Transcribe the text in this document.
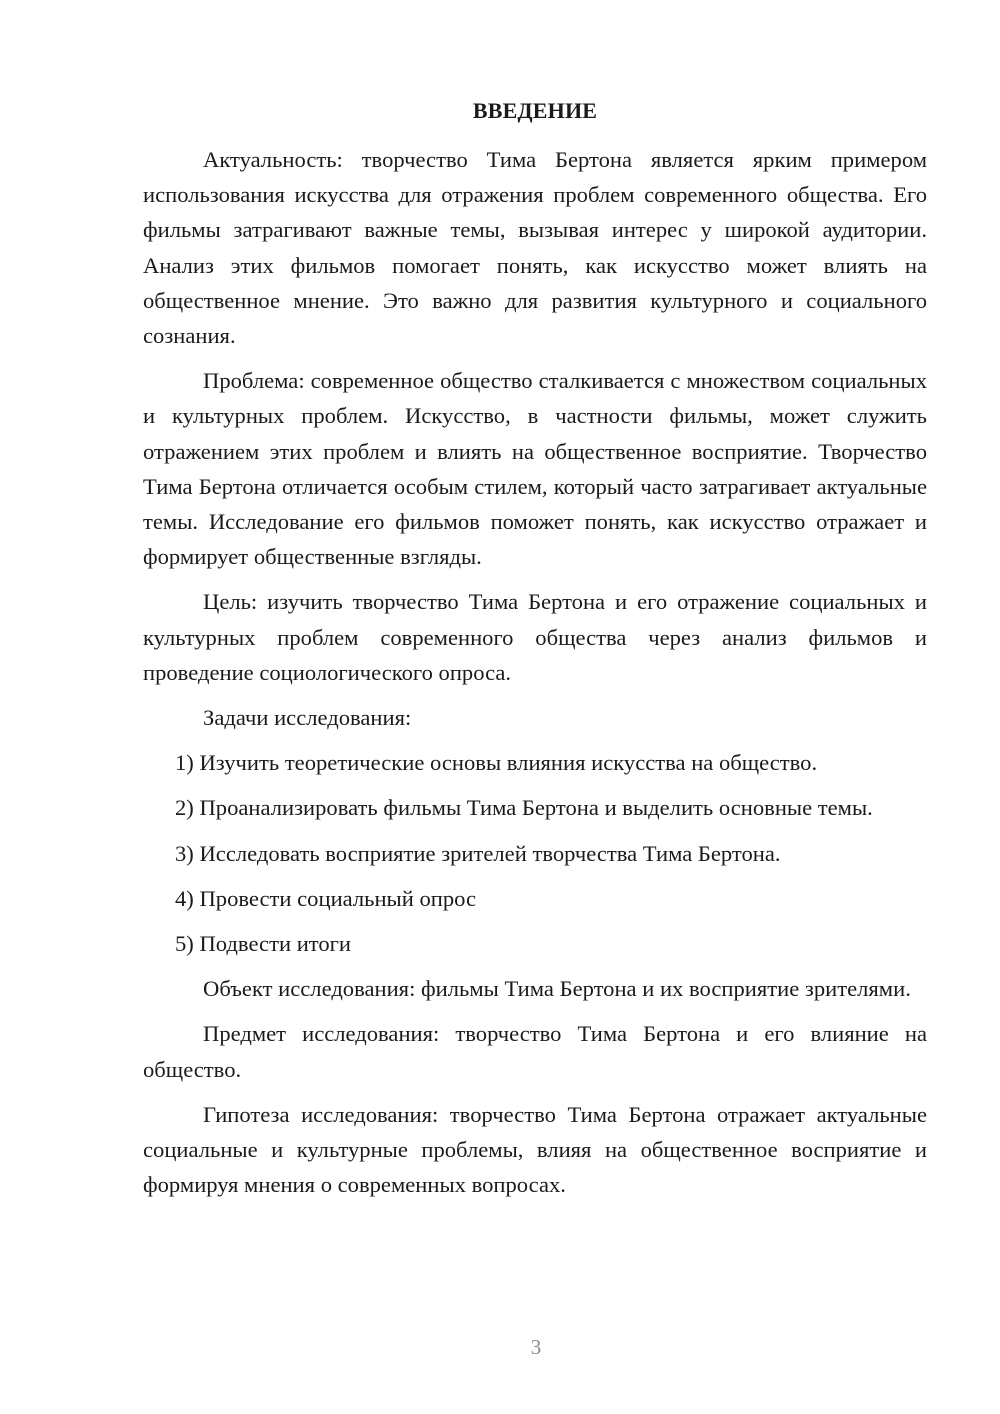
ВВЕДЕНИЕ

Актуальность: творчество Тима Бертона является ярким примером использования искусства для отражения проблем современного общества. Его фильмы затрагивают важные темы, вызывая интерес у широкой аудитории. Анализ этих фильмов помогает понять, как искусство может влиять на общественное мнение. Это важно для развития культурного и социального сознания.

Проблема: современное общество сталкивается с множеством социальных и культурных проблем. Искусство, в частности фильмы, может служить отражением этих проблем и влиять на общественное восприятие. Творчество Тима Бертона отличается особым стилем, который часто затрагивает актуальные темы. Исследование его фильмов поможет понять, как искусство отражает и формирует общественные взгляды.

Цель: изучить творчество Тима Бертона и его отражение социальных и культурных проблем современного общества через анализ фильмов и проведение социологического опроса.

Задачи исследования:

1) Изучить теоретические основы влияния искусства на общество.

2) Проанализировать фильмы Тима Бертона и выделить основные темы.

3) Исследовать восприятие зрителей творчества Тима Бертона.

4) Провести социальный опрос

5) Подвести итоги

Объект исследования: фильмы Тима Бертона и их восприятие зрителями.

Предмет исследования: творчество Тима Бертона и его влияние на общество.

Гипотеза исследования: творчество Тима Бертона отражает актуальные социальные и культурные проблемы, влияя на общественное восприятие и формируя мнения о современных вопросах.

3
